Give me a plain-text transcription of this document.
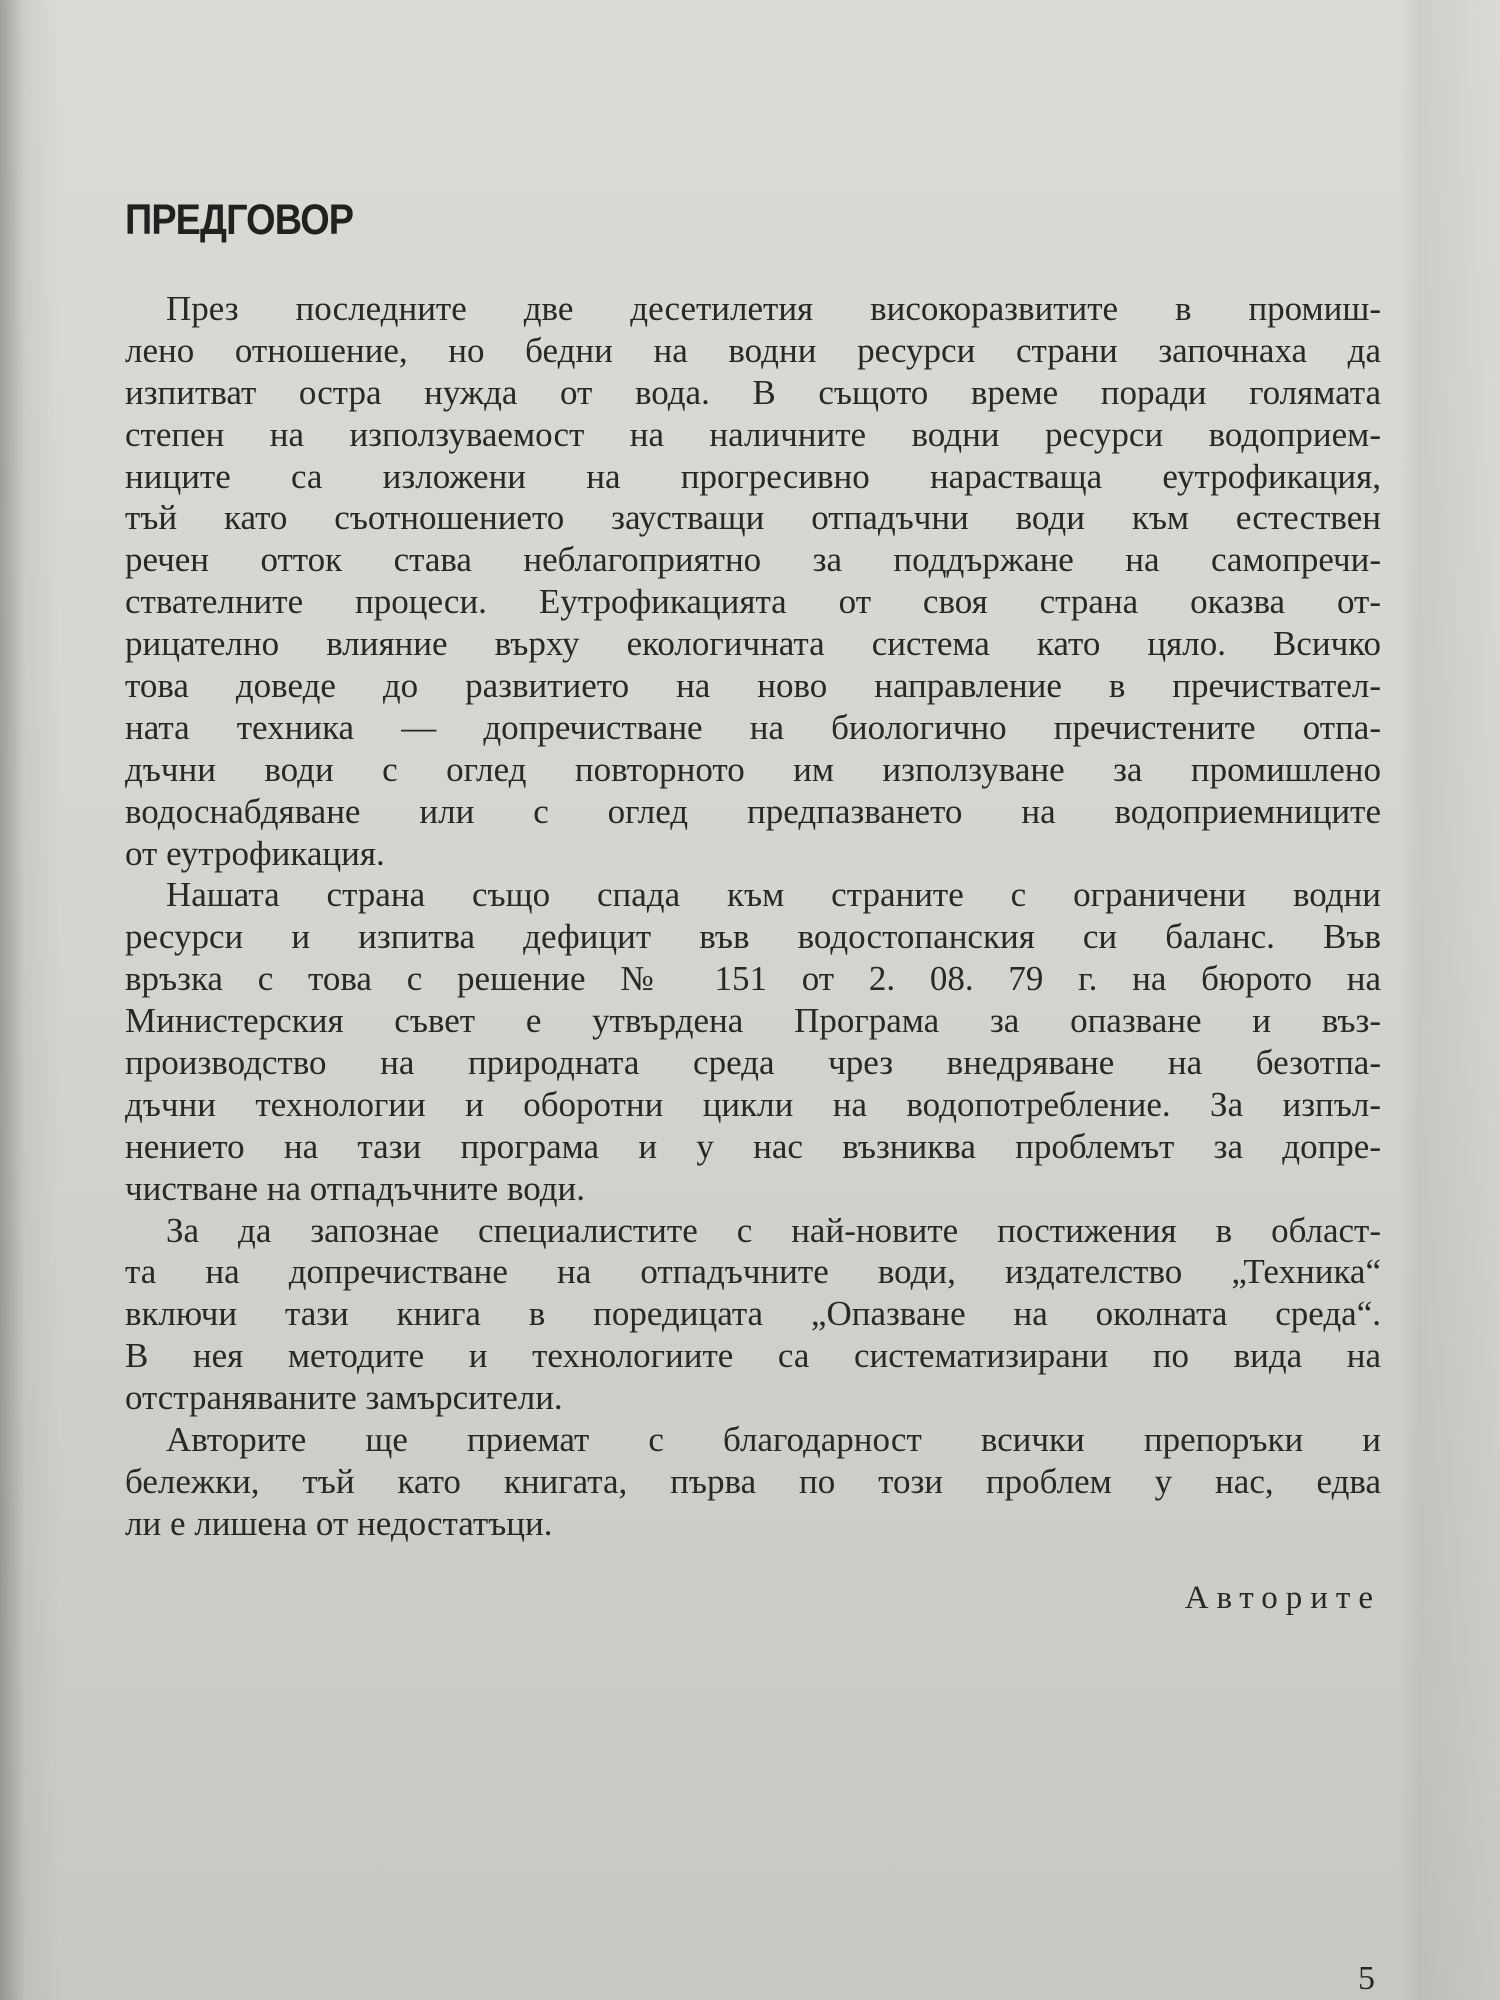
ПРЕДГОВОР
През последните две десетилетия високоразвитите в промиш-
лено отношение, но бедни на водни ресурси страни започнаха да
изпитват остра нужда от вода. В същото време поради голямата
степен на използуваемост на наличните водни ресурси водоприем-
ниците са изложени на прогресивно нарастваща еутрофикация,
тъй като съотношението заустващи отпадъчни води към естествен
речен отток става неблагоприятно за поддържане на самопречи-
ствателните процеси. Еутрофикацията от своя страна оказва от-
рицателно влияние върху екологичната система като цяло. Всичко
това доведе до развитието на ново направление в пречиствател-
ната техника — допречистване на биологично пречистените отпа-
дъчни води с оглед повторното им използуване за промишлено
водоснабдяване или с оглед предпазването на водоприемниците
от еутрофикация.
Нашата страна също спада към страните с ограничени водни
ресурси и изпитва дефицит във водостопанския си баланс. Във
връзка с това с решение № 151 от 2. 08. 79 г. на бюрото на
Министерския съвет е утвърдена Програма за опазване и въз-
производство на природната среда чрез внедряване на безотпа-
дъчни технологии и оборотни цикли на водопотребление. За изпъл-
нението на тази програма и у нас възниква проблемът за допре-
чистване на отпадъчните води.
За да запознае специалистите с най-новите постижения в област-
та на допречистване на отпадъчните води, издателство „Техника“
включи тази книга в поредицата „Опазване на околната среда“.
В нея методите и технологиите са систематизирани по вида на
отстраняваните замърсители.
Авторите ще приемат с благодарност всички препоръки и
бележки, тъй като книгата, първа по този проблем у нас, едва
ли е лишена от недостатъци.
Авторите
5
